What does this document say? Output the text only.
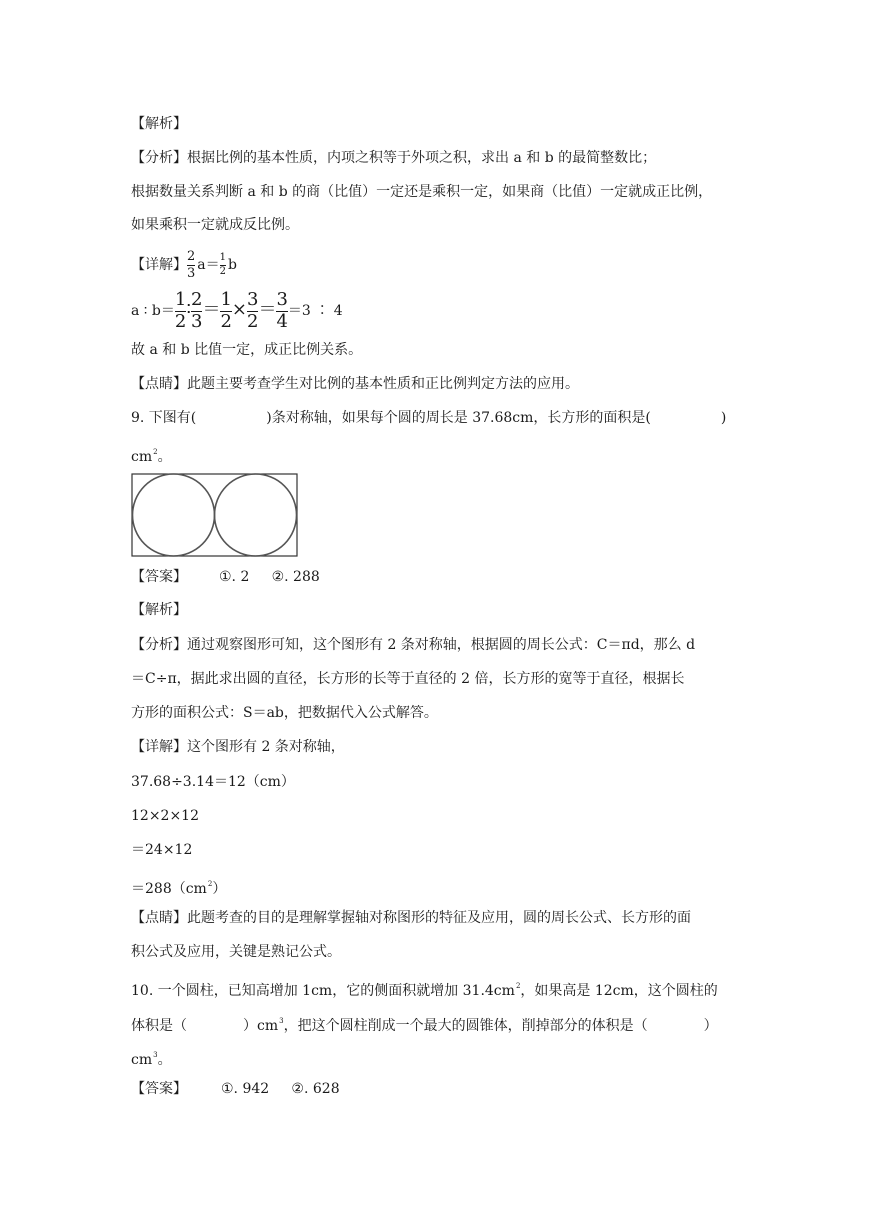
【解析】
【分析】根据比例的基本性质，内项之积等于外项之积，求出 a 和 b 的最简整数比；
根据数量关系判断 a 和 b 的商（比值）一定还是乘积一定，如果商（比值）一定就成正比例，
如果乘积一定就成反比例。
【详解】 $\frac{2}{3} a= \frac{1}{2}$ b
a ∶ $b= \frac{1}{2}$ ∶ $\frac{2}{3} = \frac{1}{2} \times \frac{3}{2} = \frac{3}{4} =3$ ∶ 4
故 a 和 b 比值一定，成正比例关系。
【点睛】此题主要考查学生对比例的基本性质和正比例判定方法的应用。
9. 下图有(	)条对称轴，如果每个圆的周长是 37.68cm，长方形的面积是(	)
$cm^2$。
【答案】 ①. 2     ②. 288
【解析】
【分析】通过观察图形可知，这个图形有 2 条对称轴，根据圆的周长公式：C＝πd，那么 d
＝C÷π，据此求出圆的直径，长方形的长等于直径的 2 倍，长方形的宽等于直径，根据长
方形的面积公式：S＝ab，把数据代入公式解答。
【详解】这个图形有 2 条对称轴，
37.68÷3.14＝12（cm）
12×2×12
＝24×12
$=288(cm^2)$
【点睛】此题考查的目的是理解掌握轴对称图形的特征及应用，圆的周长公式、长方形的面
积公式及应用，关键是熟记公式。
10. 一个圆柱，已知高增加 1cm，它的侧面积就增加 $31.4cm^2$，如果高是 12cm，这个圆柱的
体积是（	）$cm^3$，把这个圆柱削成一个最大的圆锥体，削掉部分的体积是（	）
$cm^3$。
【答案】 ①. 942     ②. 628
